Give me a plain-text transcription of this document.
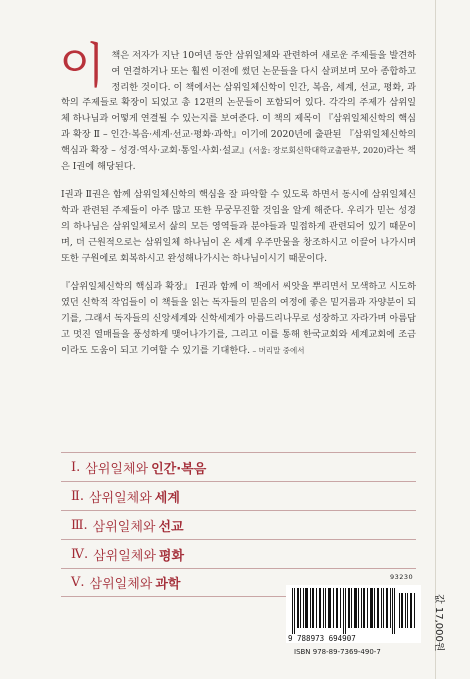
이 책은 저자가 지난 10여년 동안 삼위일체와 관련하여 새로운 주제들을 발견하여 연결하거나 또는 훨씬 이전에 썼던 논문들을 다시 살펴보며 모아 종합하고 정리한 것이다. 이 책에서는 삼위일체신학이 인간, 복음, 세계, 선교, 평화, 과학의 주제들로 확장이 되었고 총 12편의 논문들이 포함되어 있다. 각각의 주제가 삼위일체 하나님과 어떻게 연결될 수 있는지를 보여준다. 이 책의 제목이 『삼위일체신학의 핵심과 확장 Ⅱ – 인간·복음·세계·선교·평화·과학』이기에 2020년에 출판된 『삼위일체신학의 핵심과 확장 – 성경·역사·교회·통일·사회·설교』(서울: 장로회신학대학교출판부, 2020)라는 책은 Ⅰ권에 해당된다.

Ⅰ권과 Ⅱ권은 함께 삼위일체신학의 핵심을 잘 파악할 수 있도록 하면서 동시에 삼위일체신학과 관련된 주제들이 아주 많고 또한 무궁무진할 것임을 알게 해준다. 우리가 믿는 성경의 하나님은 삼위일체로서 삶의 모든 영역들과 분야들과 밀접하게 관련되어 있기 때문이며, 더 근원적으로는 삼위일체 하나님이 온 세계 우주만물을 창조하시고 이끌어 나가시며 또한 구원에로 회복하시고 완성해나가시는 하나님이시기 때문이다.

『삼위일체신학의 핵심과 확장』 Ⅰ권과 함께 이 책에서 씨앗을 뿌리면서 모색하고 시도하였던 신학적 작업들이 이 책들을 읽는 독자들의 믿음의 여정에 좋은 밑거름과 자양분이 되기를, 그래서 독자들의 신앙세계와 신학세계가 아름드리나무로 성장하고 자라가며 아름답고 멋진 열매들을 풍성하게 맺어나가기를, 그리고 이를 통해 한국교회와 세계교회에 조금이라도 도움이 되고 기여할 수 있기를 기대한다. – 머리말 중에서

Ⅰ. 삼위일체와 인간·복음
Ⅱ. 삼위일체와 세계
Ⅲ. 삼위일체와 선교
Ⅳ. 삼위일체와 평화
Ⅴ. 삼위일체와 과학	93230
9 788973 694907
ISBN 978-89-7369-490-7
값 17,000원
